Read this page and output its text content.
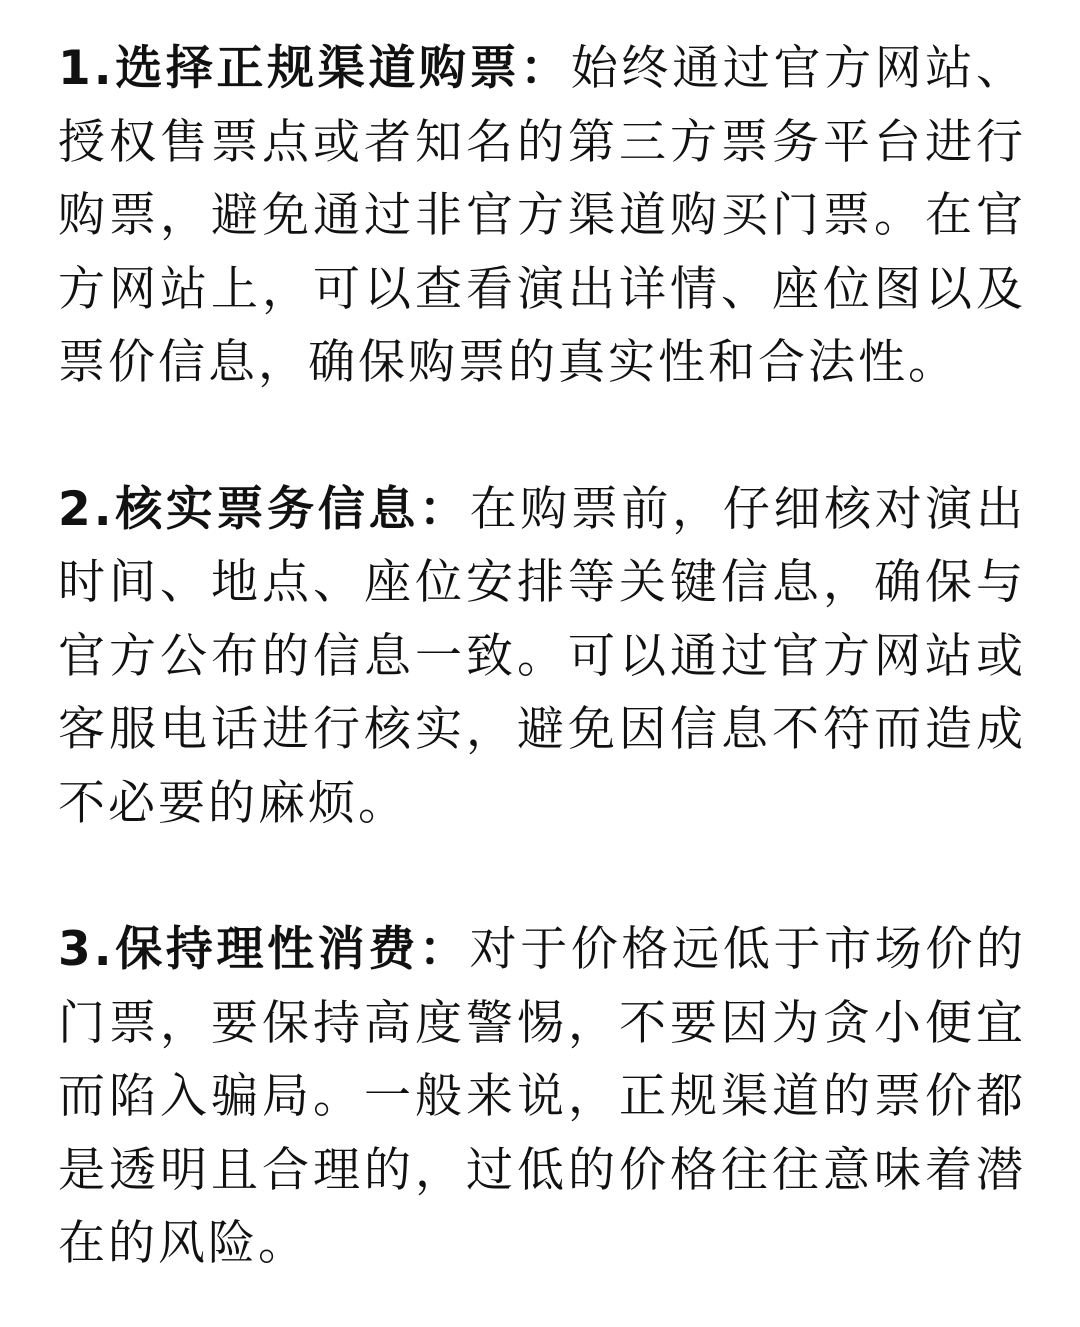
1.选择正规渠道购票：始终通过官方网站、授权售票点或者知名的第三方票务平台进行购票，避免通过非官方渠道购买门票。在官方网站上，可以查看演出详情、座位图以及票价信息，确保购票的真实性和合法性。

2.核实票务信息：在购票前，仔细核对演出时间、地点、座位安排等关键信息，确保与官方公布的信息一致。可以通过官方网站或客服电话进行核实，避免因信息不符而造成不必要的麻烦。

3.保持理性消费：对于价格远低于市场价的门票，要保持高度警惕，不要因为贪小便宜而陷入骗局。一般来说，正规渠道的票价都是透明且合理的，过低的价格往往意味着潜在的风险。
